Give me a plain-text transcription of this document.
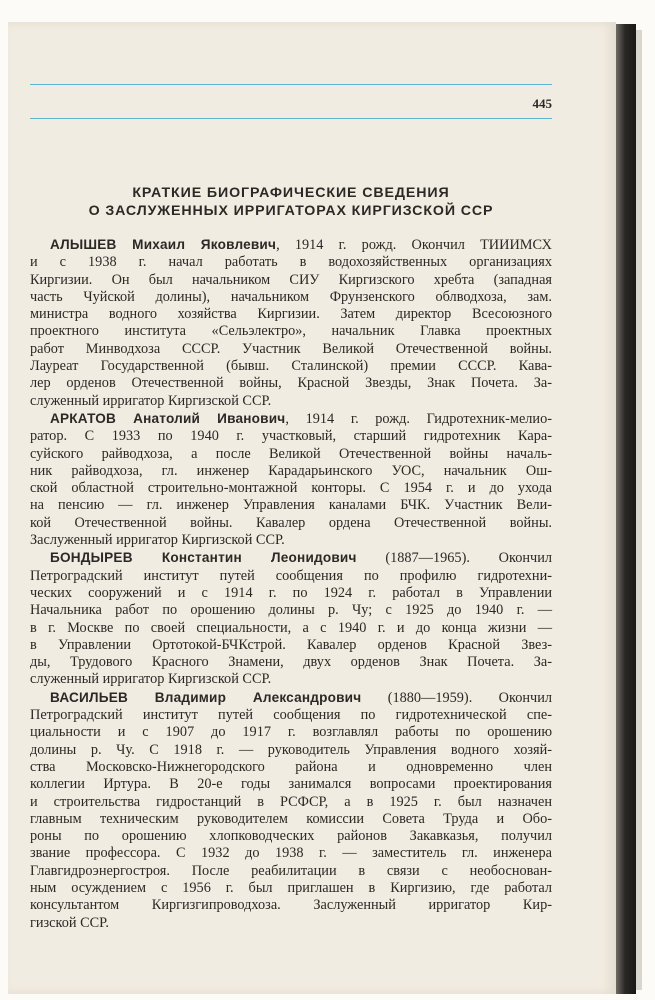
445
КРАТКИЕ БИОГРАФИЧЕСКИЕ СВЕДЕНИЯ
О ЗАСЛУЖЕННЫХ ИРРИГАТОРАХ КИРГИЗСКОЙ ССР
АЛЫШЕВ Михаил Яковлевич, 1914 г. рожд. Окончил ТИИИМСХ
и с 1938 г. начал работать в водохозяйственных организациях
Киргизии. Он был начальником СИУ Киргизского хребта (западная
часть Чуйской долины), начальником Фрунзенского облводхоза, зам.
министра водного хозяйства Киргизии. Затем директор Всесоюзного
проектного института «Сельэлектро», начальник Главка проектных
работ Минводхоза СССР. Участник Великой Отечественной войны.
Лауреат Государственной (бывш. Сталинской) премии СССР. Кава-
лер орденов Отечественной войны, Красной Звезды, Знак Почета. За-
служенный ирригатор Киргизской ССР.
АРКАТОВ Анатолий Иванович, 1914 г. рожд. Гидротехник-мелио-
ратор. С 1933 по 1940 г. участковый, старший гидротехник Кара-
суйского райводхоза, а после Великой Отечественной войны началь-
ник райводхоза, гл. инженер Карадарьинского УОС, начальник Ош-
ской областной строительно-монтажной конторы. С 1954 г. и до ухода
на пенсию — гл. инженер Управления каналами БЧК. Участник Вели-
кой Отечественной войны. Кавалер ордена Отечественной войны.
Заслуженный ирригатор Киргизской ССР.
БОНДЫРЕВ Константин Леонидович (1887—1965). Окончил
Петроградский институт путей сообщения по профилю гидротехни-
ческих сооружений и с 1914 г. по 1924 г. работал в Управлении
Начальника работ по орошению долины р. Чу; с 1925 до 1940 г. —
в г. Москве по своей специальности, а с 1940 г. и до конца жизни —
в Управлении Ортотокой-БЧКстрой. Кавалер орденов Красной Звез-
ды, Трудового Красного Знамени, двух орденов Знак Почета. За-
служенный ирригатор Киргизской ССР.
ВАСИЛЬЕВ Владимир Александрович (1880—1959). Окончил
Петроградский институт путей сообщения по гидротехнической спе-
циальности и с 1907 до 1917 г. возглавлял работы по орошению
долины р. Чу. С 1918 г. — руководитель Управления водного хозяй-
ства Московско-Нижнегородского района и одновременно член
коллегии Иртура. В 20-е годы занимался вопросами проектирования
и строительства гидростанций в РСФСР, а в 1925 г. был назначен
главным техническим руководителем комиссии Совета Труда и Обо-
роны по орошению хлопководческих районов Закавказья, получил
звание профессора. С 1932 до 1938 г. — заместитель гл. инженера
Главгидроэнергостроя. После реабилитации в связи с необоснован-
ным осуждением с 1956 г. был приглашен в Киргизию, где работал
консультантом Киргизгипроводхоза. Заслуженный ирригатор Кир-
гизской ССР.
